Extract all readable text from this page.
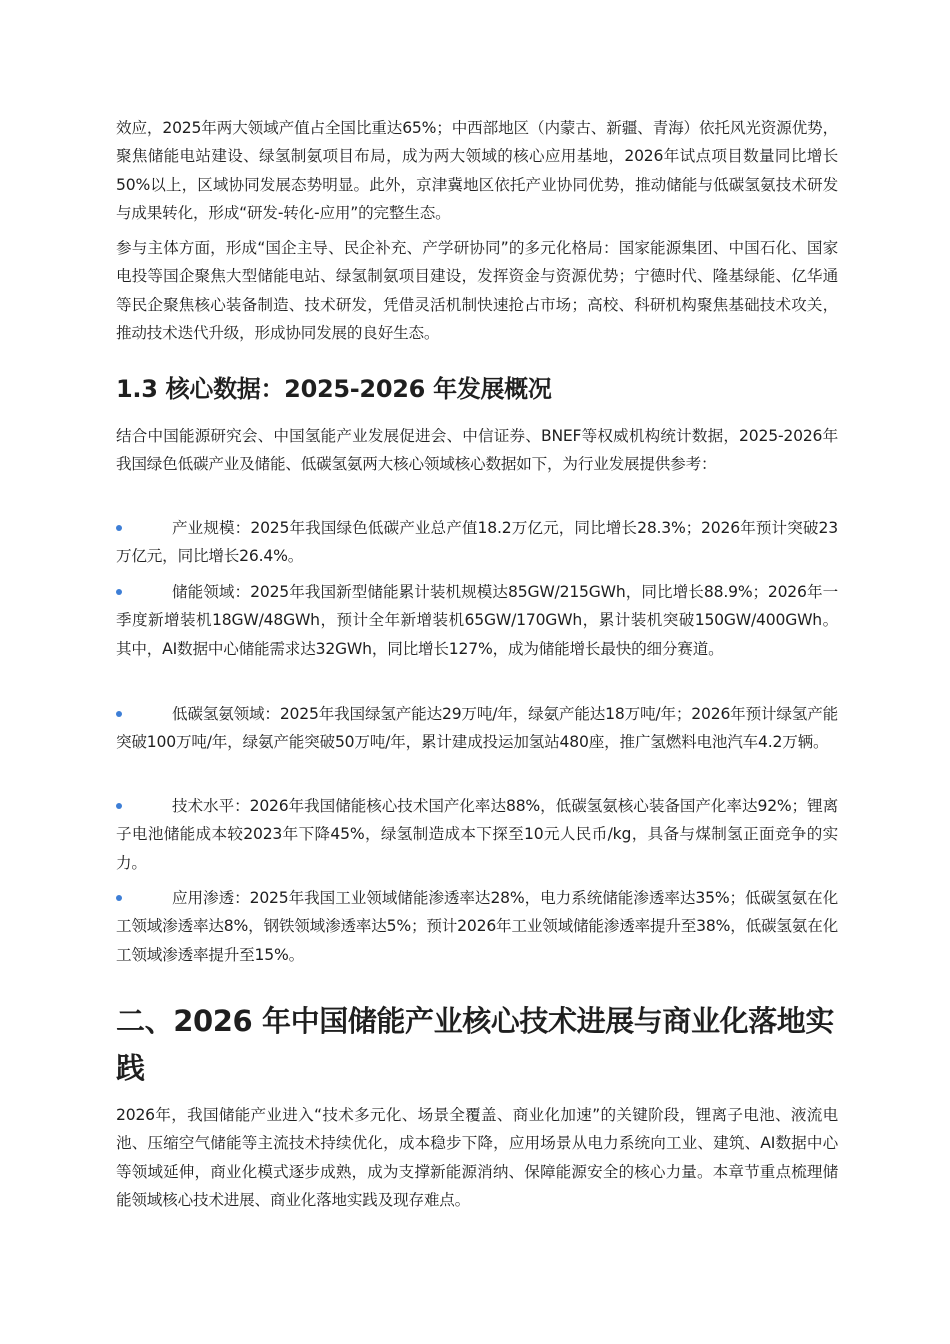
效应，2025年两大领域产值占全国比重达65%；中西部地区（内蒙古、新疆、青海）依托风光资源优势，聚焦储能电站建设、绿氢制氨项目布局，成为两大领域的核心应用基地，2026年试点项目数量同比增长50%以上，区域协同发展态势明显。此外，京津冀地区依托产业协同优势，推动储能与低碳氢氨技术研发与成果转化，形成“研发-转化-应用”的完整生态。

参与主体方面，形成“国企主导、民企补充、产学研协同”的多元化格局：国家能源集团、中国石化、国家电投等国企聚焦大型储能电站、绿氢制氨项目建设，发挥资金与资源优势；宁德时代、隆基绿能、亿华通等民企聚焦核心装备制造、技术研发，凭借灵活机制快速抢占市场；高校、科研机构聚焦基础技术攻关，推动技术迭代升级，形成协同发展的良好生态。

1.3 核心数据：2025-2026 年发展概况

结合中国能源研究会、中国氢能产业发展促进会、中信证券、BNEF等权威机构统计数据，2025-2026年我国绿色低碳产业及储能、低碳氢氨两大核心领域核心数据如下，为行业发展提供参考：

产业规模：2025年我国绿色低碳产业总产值18.2万亿元，同比增长28.3%；2026年预计突破23万亿元，同比增长26.4%。

储能领域：2025年我国新型储能累计装机规模达85GW/215GWh，同比增长88.9%；2026年一季度新增装机18GW/48GWh，预计全年新增装机65GW/170GWh，累计装机突破150GW/400GWh。其中，AI数据中心储能需求达32GWh，同比增长127%，成为储能增长最快的细分赛道。

低碳氢氨领域：2025年我国绿氢产能达29万吨/年，绿氨产能达18万吨/年；2026年预计绿氢产能突破100万吨/年，绿氨产能突破50万吨/年，累计建成投运加氢站480座，推广氢燃料电池汽车4.2万辆。

技术水平：2026年我国储能核心技术国产化率达88%，低碳氢氨核心装备国产化率达92%；锂离子电池储能成本较2023年下降45%，绿氢制造成本下探至10元人民币/kg，具备与煤制氢正面竞争的实力。

应用渗透：2025年我国工业领域储能渗透率达28%，电力系统储能渗透率达35%；低碳氢氨在化工领域渗透率达8%，钢铁领域渗透率达5%；预计2026年工业领域储能渗透率提升至38%，低碳氢氨在化工领域渗透率提升至15%。

二、2026 年中国储能产业核心技术进展与商业化落地实践

2026年，我国储能产业进入“技术多元化、场景全覆盖、商业化加速”的关键阶段，锂离子电池、液流电池、压缩空气储能等主流技术持续优化，成本稳步下降，应用场景从电力系统向工业、建筑、AI数据中心等领域延伸，商业化模式逐步成熟，成为支撑新能源消纳、保障能源安全的核心力量。本章节重点梳理储能领域核心技术进展、商业化落地实践及现存难点。
